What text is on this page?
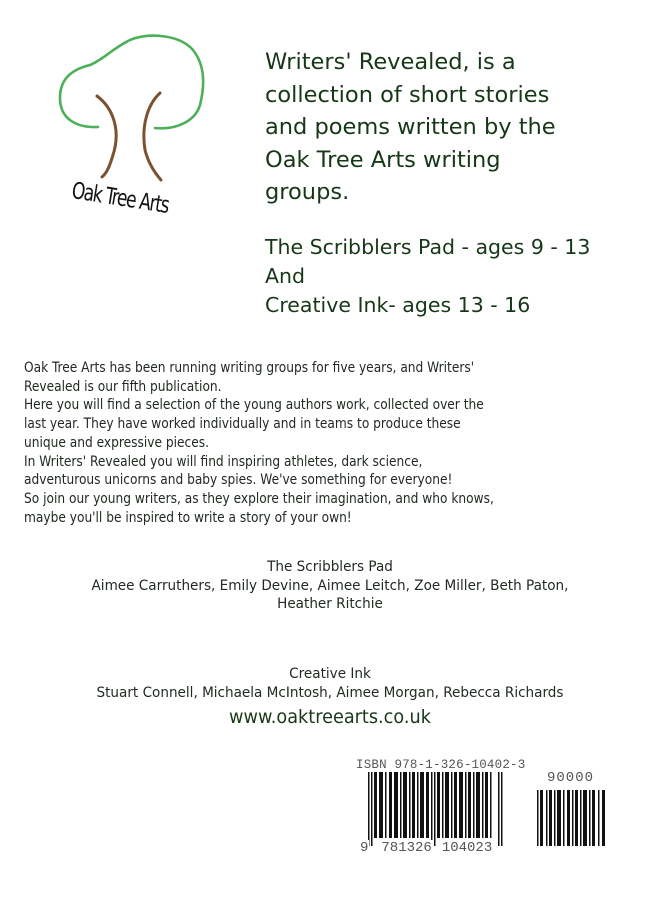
Oak Tree Arts
Writers' Revealed, is a
collection of short stories
and poems written by the
Oak Tree Arts writing
groups.
The Scribblers Pad - ages 9 - 13
And
Creative Ink- ages 13 - 16

Oak Tree Arts has been running writing groups for five years, and Writers'

Revealed is our fifth publication.

Here you will find a selection of the young authors work, collected over the

last year. They have worked individually and in teams to produce these

unique and expressive pieces.

In Writers' Revealed you will find inspiring athletes, dark science,

adventurous unicorns and baby spies. We've something for everyone!

So join our young writers, as they explore their imagination, and who knows,

maybe you'll be inspired to write a story of your own!

The Scribblers Pad
Aimee Carruthers, Emily Devine, Aimee Leitch, Zoe Miller, Beth Paton,
Heather Ritchie
Creative Ink
Stuart Connell, Michaela McIntosh, Aimee Morgan, Rebecca Richards
www.oaktreearts.co.uk
ISBN 978-1-326-10402-3
90000
9 781326 104023
